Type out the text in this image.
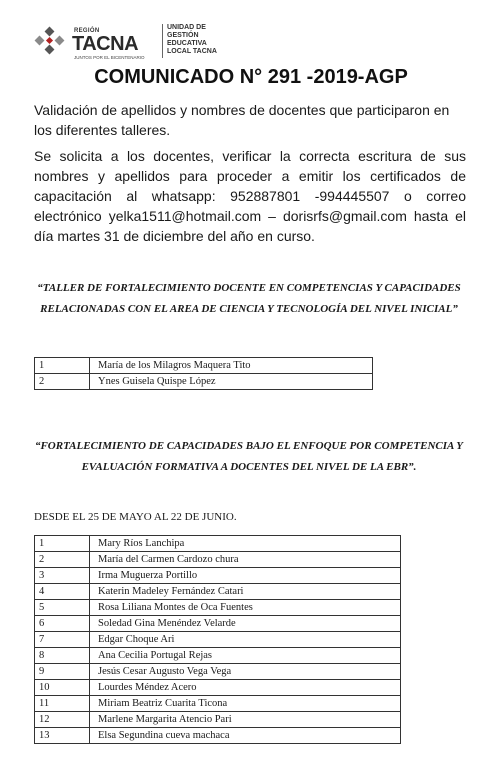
REGIÓN
TACNA
JUNTOS POR EL BICENTENARIO
UNIDAD DE
GESTIÓN
EDUCATIVA
LOCAL TACNA
COMUNICADO N° 291 -2019-AGP
Validación de apellidos y nombres de docentes que participaron en los diferentes talleres.
Se solicita a los docentes, verificar la correcta escritura de sus nombres y apellidos para proceder a emitir los certificados de capacitación al whatsapp: 952887801 -994445507 o correo electrónico yelka1511@hotmail.com – dorisrfs@gmail.com hasta el día martes 31 de diciembre del año en curso.
“TALLER DE FORTALECIMIENTO DOCENTE EN COMPETENCIAS Y CAPACIDADES RELACIONADAS CON EL AREA DE CIENCIA Y TECNOLOGÍA DEL NIVEL INICIAL”
1	María de los Milagros Maquera Tito
2	Ynes Guisela Quispe López
“FORTALECIMIENTO DE CAPACIDADES BAJO EL ENFOQUE POR COMPETENCIA Y EVALUACIÓN FORMATIVA A DOCENTES DEL NIVEL DE LA EBR”.
DESDE EL 25 DE MAYO AL 22 DE JUNIO.
1	Mary Ríos Lanchipa
2	María del Carmen Cardozo chura
3	Irma Muguerza Portillo
4	Katerin Madeley Fernández Catari
5	Rosa Liliana Montes de Oca Fuentes
6	Soledad Gina Menéndez Velarde
7	Edgar Choque Ari
8	Ana Cecilia Portugal Rejas
9	Jesús Cesar Augusto Vega Vega
10	Lourdes Méndez Acero
11	Miriam Beatriz Cuarita Ticona
12	Marlene Margarita Atencio Pari
13	Elsa Segundina cueva machaca
